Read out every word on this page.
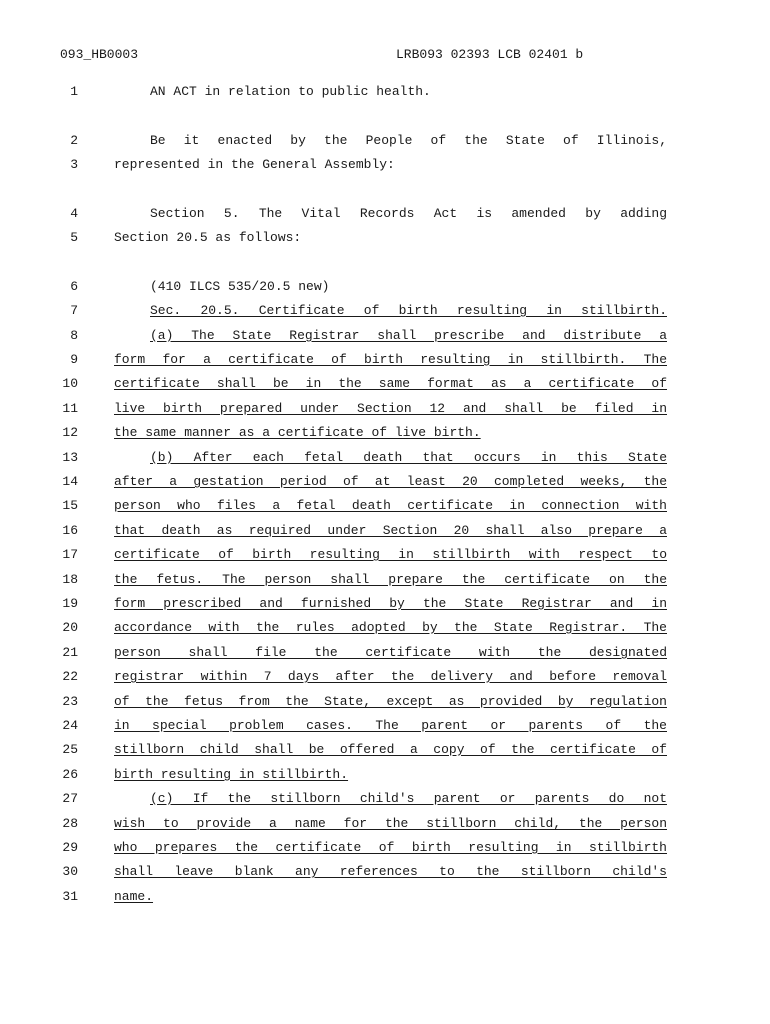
093_HB0003	LRB093 02393 LCB 02401 b
1	AN ACT in relation to public health.
2	Be it enacted by the People of the State of Illinois,
3	represented in the General Assembly:
4	Section 5. The Vital Records Act is amended by adding
5	Section 20.5 as follows:
6	(410 ILCS 535/20.5 new)
7	Sec. 20.5. Certificate of birth resulting in stillbirth.
8	(a) The State Registrar shall prescribe and distribute a
9	form for a certificate of birth resulting in stillbirth. The
10	certificate shall be in the same format as a certificate of
11	live birth prepared under Section 12 and shall be filed in
12	the same manner as a certificate of live birth.
13	(b) After each fetal death that occurs in this State
14	after a gestation period of at least 20 completed weeks, the
15	person who files a fetal death certificate in connection with
16	that death as required under Section 20 shall also prepare a
17	certificate of birth resulting in stillbirth with respect to
18	the fetus. The person shall prepare the certificate on the
19	form prescribed and furnished by the State Registrar and in
20	accordance with the rules adopted by the State Registrar. The
21	person shall file the certificate with the designated
22	registrar within 7 days after the delivery and before removal
23	of the fetus from the State, except as provided by regulation
24	in special problem cases. The parent or parents of the
25	stillborn child shall be offered a copy of the certificate of
26	birth resulting in stillbirth.
27	(c) If the stillborn child's parent or parents do not
28	wish to provide a name for the stillborn child, the person
29	who prepares the certificate of birth resulting in stillbirth
30	shall leave blank any references to the stillborn child's
31	name.
